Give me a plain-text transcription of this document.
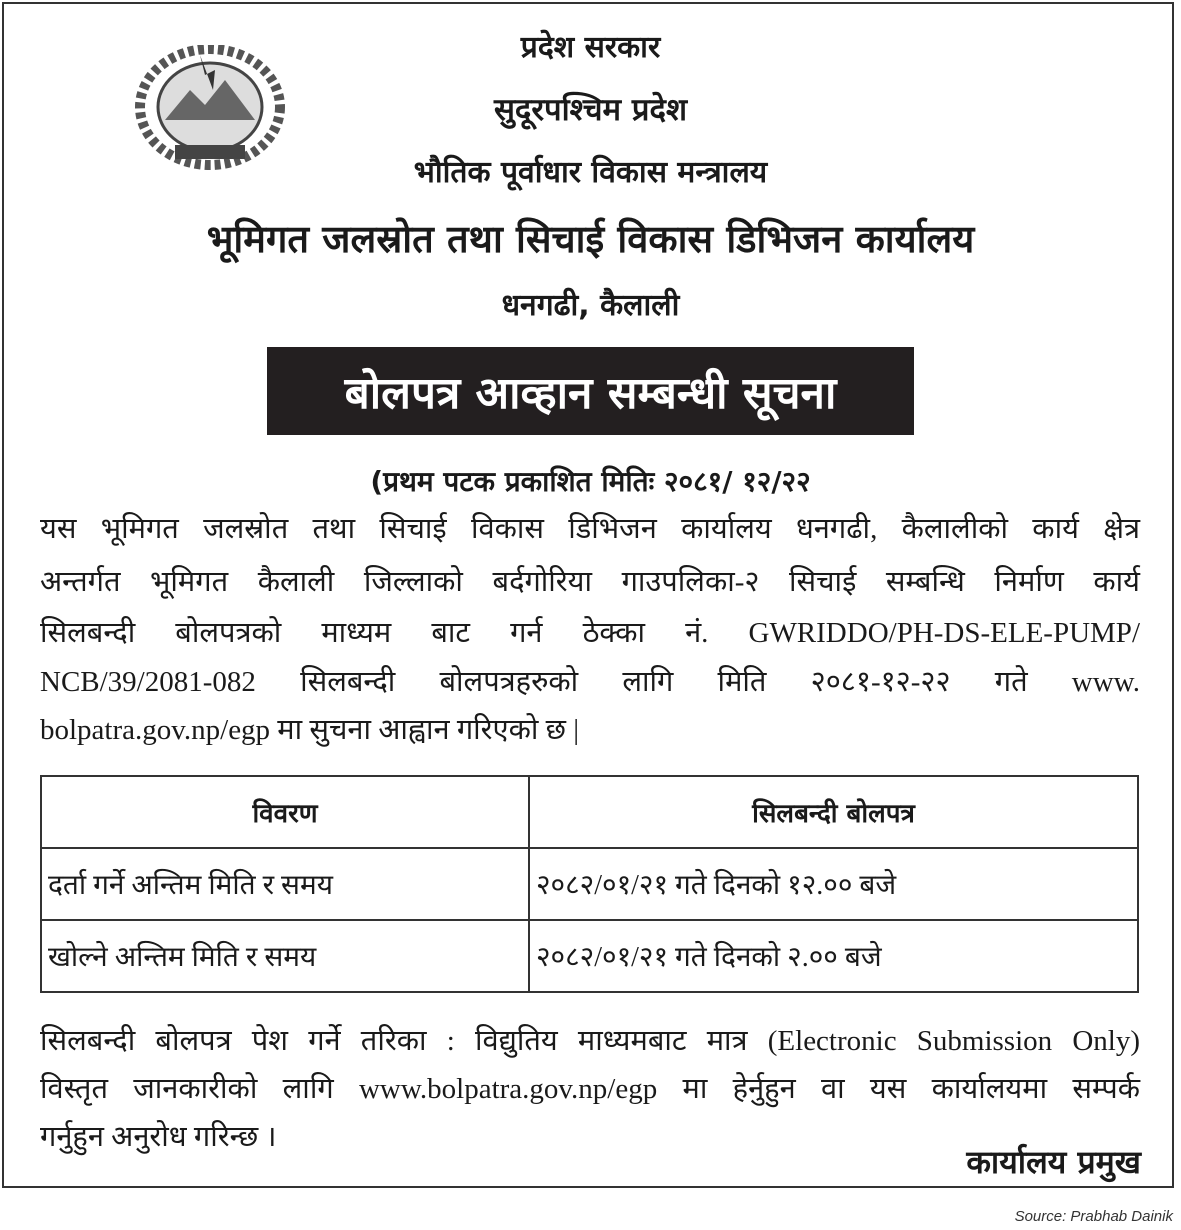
प्रदेश सरकार
सुदूरपश्चिम प्रदेश
भौतिक पूर्वाधार विकास मन्त्रालय
भूमिगत जलस्रोत तथा सिचाई विकास डिभिजन कार्यालय
धनगढी, कैलाली
बोलपत्र आव्हान सम्बन्धी सूचना
(प्रथम पटक प्रकाशित मितिः २०८१/ १२/२२
यस भूमिगत जलस्रोत तथा सिचाई विकास डिभिजन कार्यालय धनगढी, कैलालीको कार्य क्षेत्र
अन्तर्गत भूमिगत कैलाली जिल्लाको बर्दगोरिया गाउपलिका-२ सिचाई सम्बन्धि निर्माण कार्य
सिलबन्दी बोलपत्रको माध्यम बाट गर्न ठेक्का नं. GWRIDDO/PH-DS-ELE-PUMP/
NCB/39/2081-082 सिलबन्दी बोलपत्रहरुको लागि मिति २०८१-१२-२२ गते www.
bolpatra.gov.np/egp मा सुचना आह्वान गरिएको छ |
विवरण	सिलबन्दी बोलपत्र
दर्ता गर्ने अन्तिम मिति र समय	२०८२/०१/२१ गते दिनको १२.०० बजे
खोल्ने अन्तिम मिति र समय	२०८२/०१/२१ गते दिनको २.०० बजे
सिलबन्दी बोलपत्र पेश गर्ने तरिका : विद्युतिय माध्यमबाट मात्र (Electronic Submission Only)
विस्तृत जानकारीको लागि www.bolpatra.gov.np/egp मा हेर्नुहुन वा यस कार्यालयमा सम्पर्क
गर्नुहुन अनुरोध गरिन्छ ।
कार्यालय प्रमुख
Source: Prabhab Dainik
